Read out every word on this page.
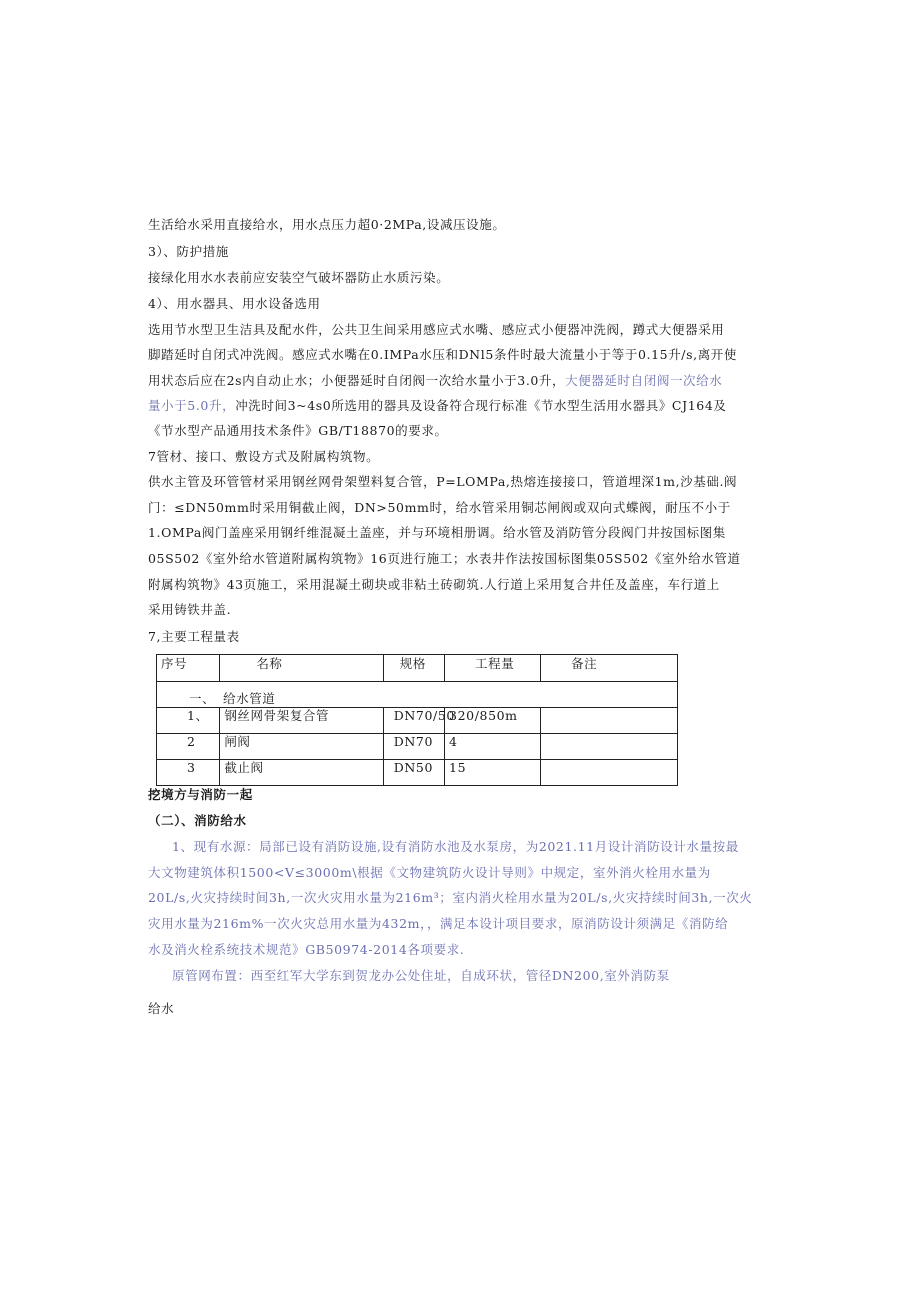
生活给水采用直接给水，用水点压力超0·2MPa,设减压设施。
3）、防护措施
接绿化用水水表前应安装空气破坏器防止水质污染。
4）、用水器具、用水设备选用
选用节水型卫生洁具及配水件，公共卫生间采用感应式水嘴、感应式小便器冲洗阀，蹲式大便器采用
脚踏延时自闭式冲洗阀。感应式水嘴在0.IMPa水压和DNl5条件时最大流量小于等于0.15升/s,离开使
用状态后应在2s内自动止水；小便器延时自闭阀一次给水量小于3.0升，大便器延时自闭阀一次给水
量小于5.0升，冲洗时间3~4s0所选用的器具及设备符合现行标准《节水型生活用水器具》CJ164及
《节水型产品通用技术条件》GB/T18870的要求。
7管材、接口、敷设方式及附属构筑物。
供水主管及环管管材采用钢丝网骨架塑料复合管，P=LOMPa,热熔连接接口，管道埋深1m,沙基础.阀
门：≤DN50mm时采用铜截止阀，DN>50mm时，给水管采用铜芯闸阀或双向式蝶阀，耐压不小于
1.OMPa阀门盖座采用钢纤维混凝土盖座，并与环境相册调。给水管及消防管分段阀门井按国标图集
05S502《室外给水管道附属构筑物》16页进行施工；水表井作法按国标图集05S502《室外给水管道
附属构筑物》43页施工，采用混凝土砌块或非粘土砖砌筑.人行道上采用复合井任及盖座，车行道上
采用铸铁井盖.
7,主要工程量表
序号	名称	规格	工程量	备注
一、 给水管道				
1、	钢丝网骨架复合管	DN70/50	320/850m	
2	闸阀	DN70	4	
3	截止阀	DN50	15	
挖境方与消防一起
（二）、消防给水
1、现有水源：局部已设有消防设施,设有消防水池及水泵房，为2021.11月设计消防设计水量按最
大文物建筑体积1500<V≤3000m\根据《文物建筑防火设计导则》中规定，室外消火栓用水量为
20L/s,火灾持续时间3h,一次火灾用水量为216m³；室内消火栓用水量为20L/s,火灾持续时间3h,一次火
灾用水量为216m%一次火灾总用水量为432m，，满足本设计项目要求，原消防设计须满足《消防给
水及消火栓系统技术规范》GB50974-2014各项要求.
原管网布置：西至红军大学东到贺龙办公处住址，自成环状，管径DN200,室外消防泵
给水
